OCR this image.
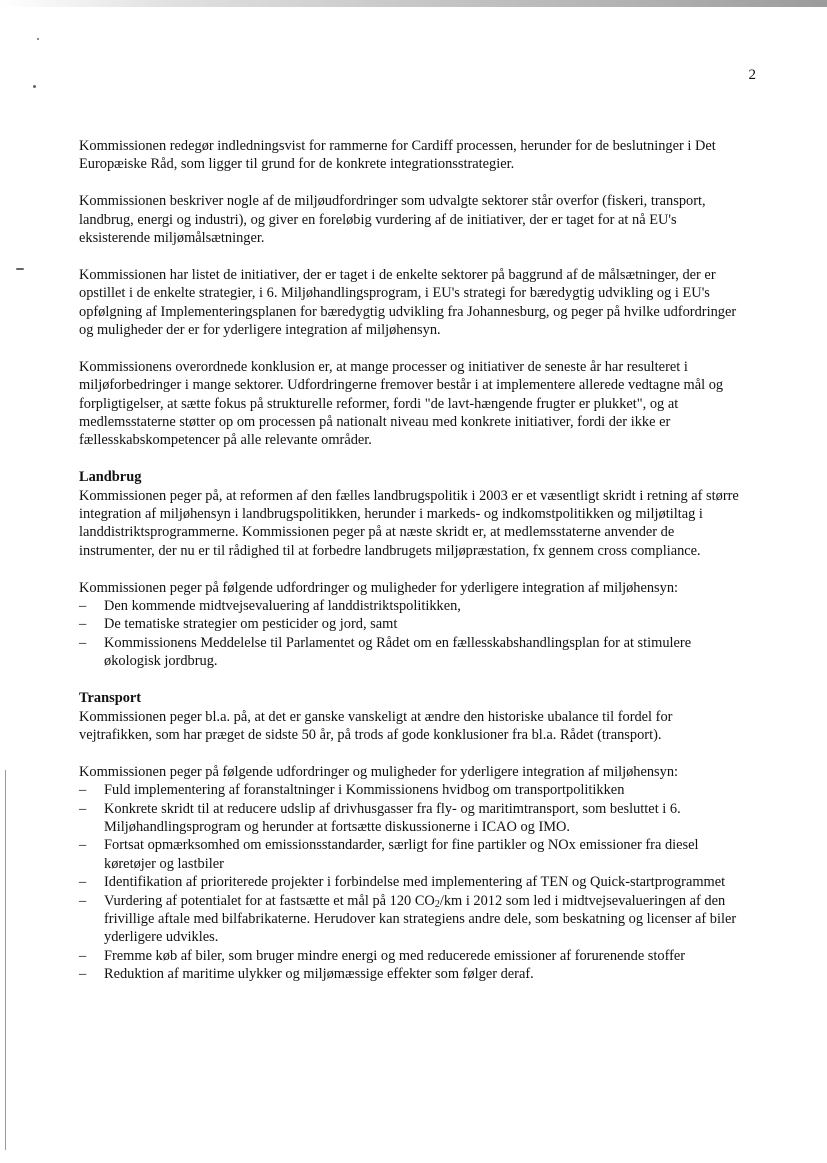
2

Kommissionen redegør indledningsvist for rammerne for Cardiff processen, herunder for de beslutninger i Det Europæiske Råd, som ligger til grund for de konkrete integrationsstrategier.

Kommissionen beskriver nogle af de miljøudfordringer som udvalgte sektorer står overfor (fiskeri, transport, landbrug, energi og industri), og giver en foreløbig vurdering af de initiativer, der er taget for at nå EU's eksisterende miljømålsætninger.

Kommissionen har listet de initiativer, der er taget i de enkelte sektorer på baggrund af de målsætninger, der er opstillet i de enkelte strategier, i 6. Miljøhandlingsprogram, i EU's strategi for bæredygtig udvikling og i EU's opfølgning af Implementeringsplanen for bæredygtig udvikling fra Johannesburg, og peger på hvilke udfordringer og muligheder der er for yderligere integration af miljøhensyn.

Kommissionens overordnede konklusion er, at mange processer og initiativer de seneste år har resulteret i miljøforbedringer i mange sektorer. Udfordringerne fremover består i at implementere allerede vedtagne mål og forpligtigelser, at sætte fokus på strukturelle reformer, fordi "de lavt-hængende frugter er plukket", og at medlemsstaterne støtter op om processen på nationalt niveau med konkrete initiativer, fordi der ikke er fællesskabskompetencer på alle relevante områder.

Landbrug

Kommissionen peger på, at reformen af den fælles landbrugspolitik i 2003 er et væsentligt skridt i retning af større integration af miljøhensyn i landbrugspolitikken, herunder i markeds- og indkomstpolitikken og miljøtiltag i landdistriktsprogrammerne. Kommissionen peger på at næste skridt er, at medlemsstaterne anvender de instrumenter, der nu er til rådighed til at forbedre landbrugets miljøpræstation, fx gennem cross compliance.

Kommissionen peger på følgende udfordringer og muligheder for yderligere integration af miljøhensyn:

– Den kommende midtvejsevaluering af landdistriktspolitikken,
– De tematiske strategier om pesticider og jord, samt
– Kommissionens Meddelelse til Parlamentet og Rådet om en fællesskabshandlingsplan for at stimulere økologisk jordbrug.
Transport

Kommissionen peger bl.a. på, at det er ganske vanskeligt at ændre den historiske ubalance til fordel for vejtrafikken, som har præget de sidste 50 år, på trods af gode konklusioner fra bl.a. Rådet (transport).

Kommissionen peger på følgende udfordringer og muligheder for yderligere integration af miljøhensyn:

– Fuld implementering af foranstaltninger i Kommissionens hvidbog om transportpolitikken
– Konkrete skridt til at reducere udslip af drivhusgasser fra fly- og maritimtransport, som besluttet i 6. Miljøhandlingsprogram og herunder at fortsætte diskussionerne i ICAO og IMO.
– Fortsat opmærksomhed om emissionsstandarder, særligt for fine partikler og NOx emissioner fra diesel køretøjer og lastbiler
– Identifikation af prioriterede projekter i forbindelse med implementering af TEN og Quick-startprogrammet
– Vurdering af potentialet for at fastsætte et mål på 120 $CO_2/km$ i 2012 som led i midtvejsevalueringen af den frivillige aftale med bilfabrikaterne. Herudover kan strategiens andre dele, som beskatning og licenser af biler yderligere udvikles.
– Fremme køb af biler, som bruger mindre energi og med reducerede emissioner af forurenende stoffer
– Reduktion af maritime ulykker og miljømæssige effekter som følger deraf.
